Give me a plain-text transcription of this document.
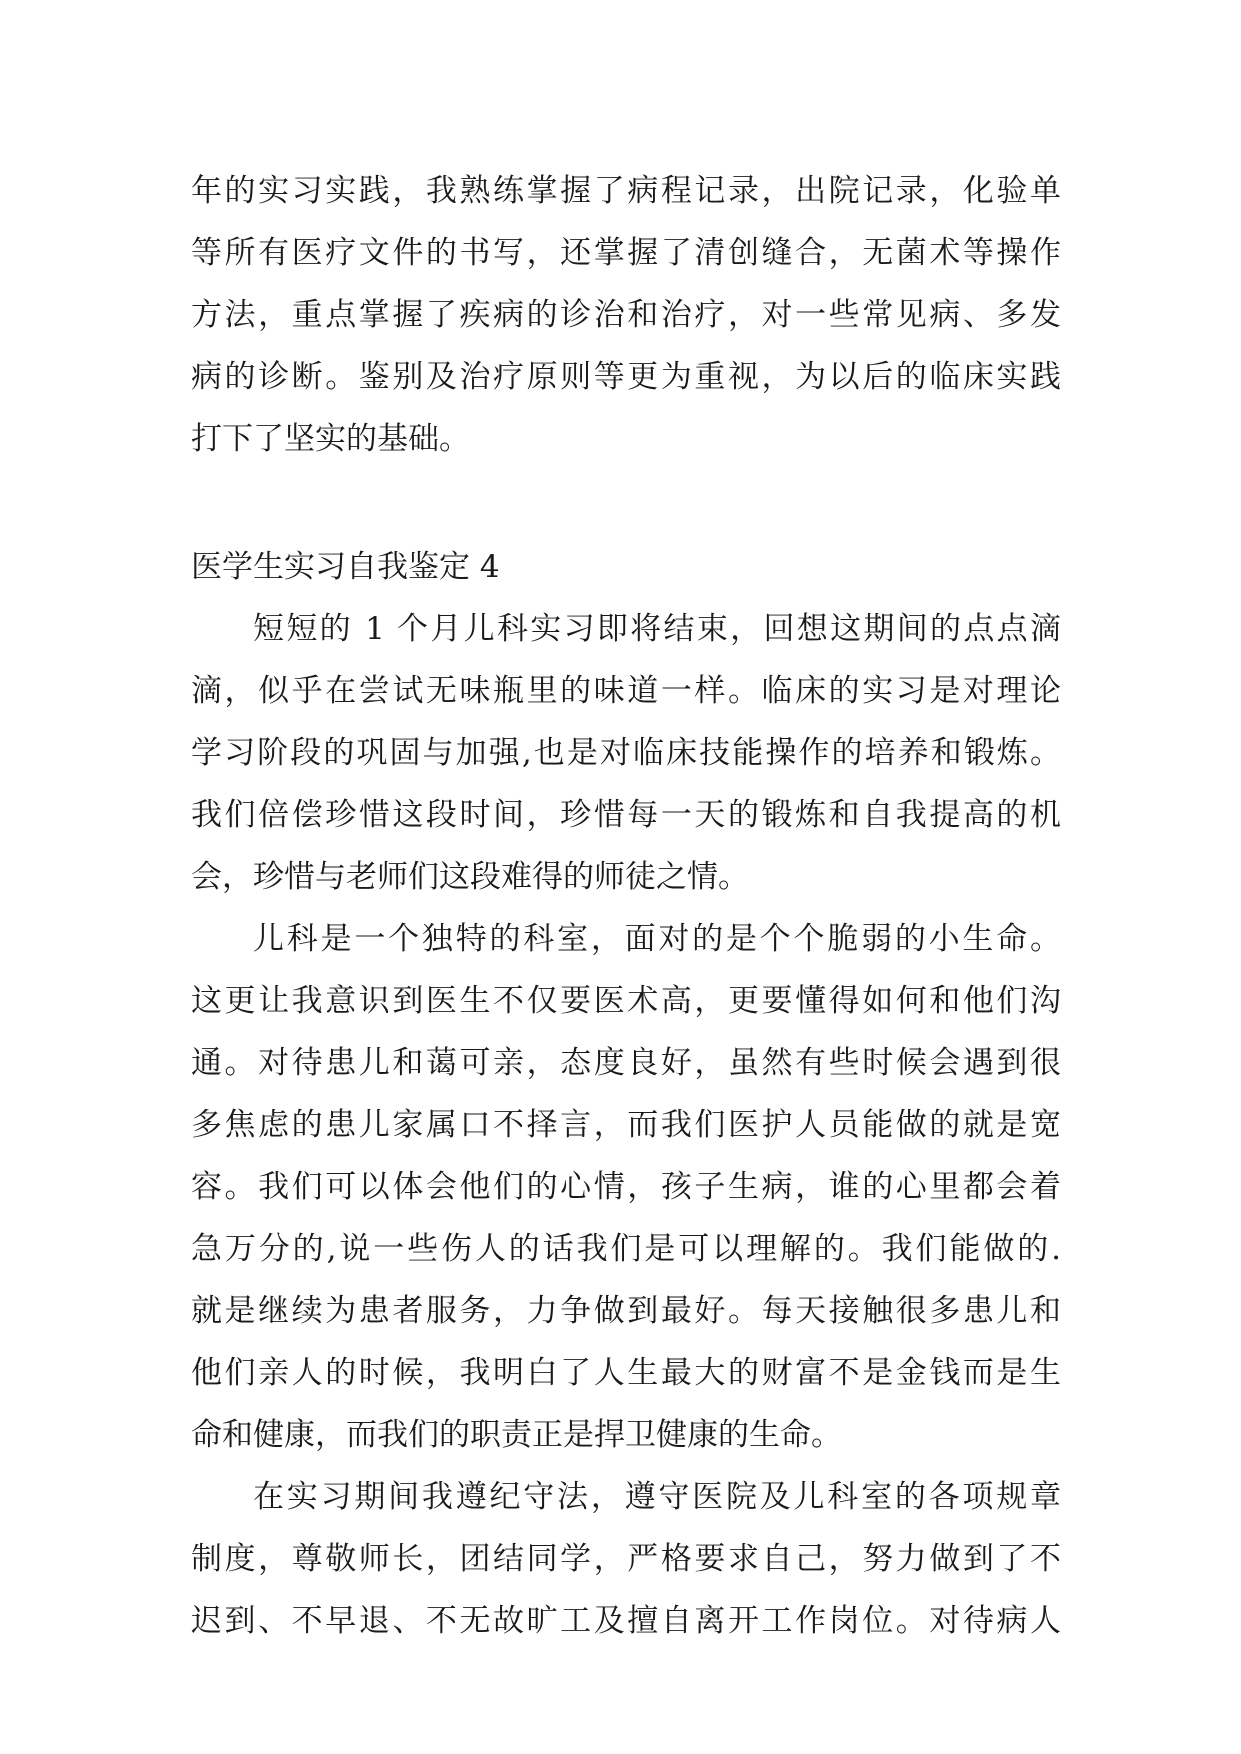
年的实习实践，我熟练掌握了病程记录，出院记录，化验单
等所有医疗文件的书写，还掌握了清创缝合，无菌术等操作
方法，重点掌握了疾病的诊治和治疗，对一些常见病、多发
病的诊断。鉴别及治疗原则等更为重视，为以后的临床实践
打下了坚实的基础。
医学生实习自我鉴定 4
短短的 1 个月儿科实习即将结束，回想这期间的点点滴
滴，似乎在尝试无味瓶里的味道一样。临床的实习是对理论
学习阶段的巩固与加强,也是对临床技能操作的培养和锻炼。
我们倍偿珍惜这段时间，珍惜每一天的锻炼和自我提高的机
会，珍惜与老师们这段难得的师徒之情。
儿科是一个独特的科室，面对的是个个脆弱的小生命。
这更让我意识到医生不仅要医术高，更要懂得如何和他们沟
通。对待患儿和蔼可亲，态度良好，虽然有些时候会遇到很
多焦虑的患儿家属口不择言，而我们医护人员能做的就是宽
容。我们可以体会他们的心情，孩子生病，谁的心里都会着
急万分的,说一些伤人的话我们是可以理解的。我们能做的.
就是继续为患者服务，力争做到最好。每天接触很多患儿和
他们亲人的时候，我明白了人生最大的财富不是金钱而是生
命和健康，而我们的职责正是捍卫健康的生命。
在实习期间我遵纪守法，遵守医院及儿科室的各项规章
制度，尊敬师长，团结同学，严格要求自己，努力做到了不
迟到、不早退、不无故旷工及擅自离开工作岗位。对待病人
